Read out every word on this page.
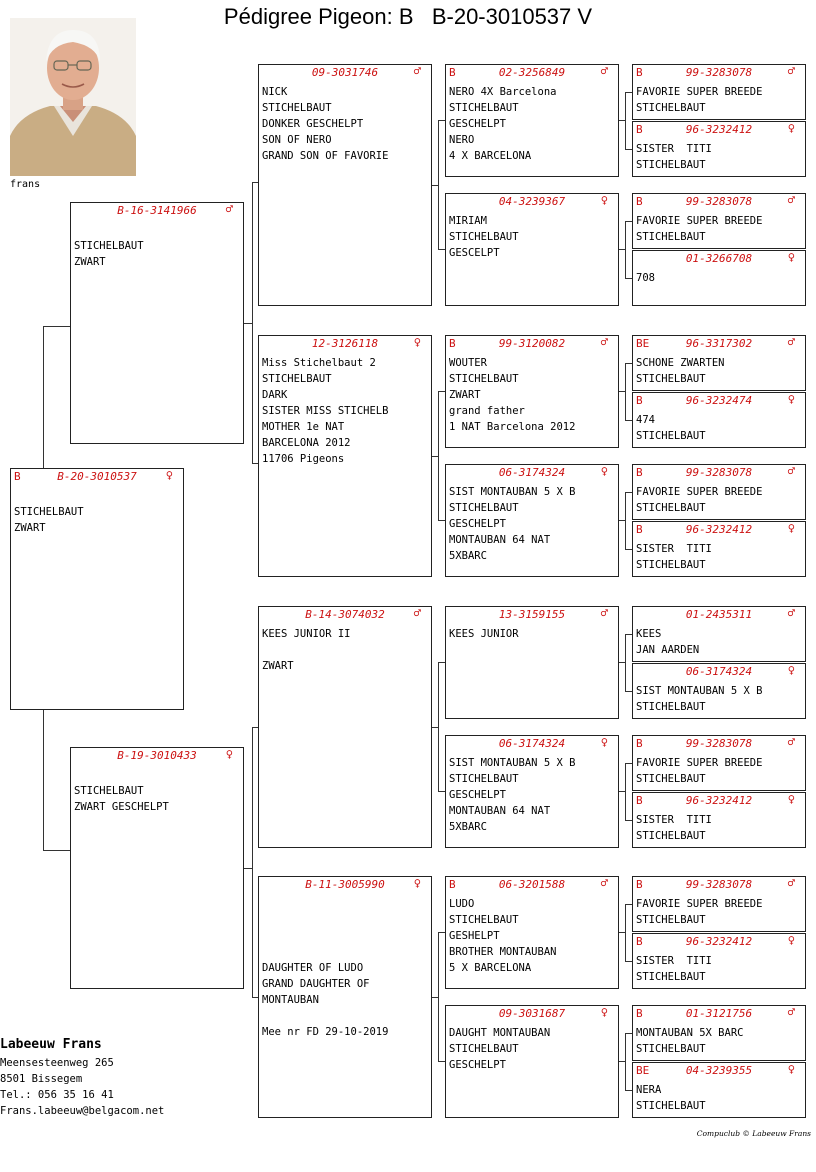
Pédigree Pigeon: B   B-20-3010537 V
frans
B-20-3010537
B	♀
STICHELBAUT
ZWART
B-16-3141966	♂
STICHELBAUT
ZWART
B-19-3010433	♀
STICHELBAUT
ZWART GESCHELPT
09-3031746	♂
NICK
STICHELBAUT
DONKER GESCHELPT
SON OF NERO
GRAND SON OF FAVORIE
12-3126118	♀
Miss Stichelbaut 2
STICHELBAUT
DARK
SISTER MISS STICHELB
MOTHER 1e NAT
BARCELONA 2012
11706 Pigeons
B-14-3074032	♂
KEES JUNIOR II
ZWART
B-11-3005990	♀
DAUGHTER OF LUDO
GRAND DAUGHTER OF
MONTAUBAN
Mee nr FD 29-10-2019
02-3256849
B	♂
NERO 4X Barcelona
STICHELBAUT
GESCHELPT
NERO
4 X BARCELONA
04-3239367	♀
MIRIAM
STICHELBAUT
GESCELPT
99-3120082
B	♂
WOUTER
STICHELBAUT
ZWART
grand father
1 NAT Barcelona 2012
06-3174324	♀
SIST MONTAUBAN 5 X B
STICHELBAUT
GESCHELPT
MONTAUBAN 64 NAT
5XBARC
13-3159155	♂
KEES JUNIOR
06-3174324	♀
SIST MONTAUBAN 5 X B
STICHELBAUT
GESCHELPT
MONTAUBAN 64 NAT
5XBARC
06-3201588
B	♂
LUDO
STICHELBAUT
GESHELPT
BROTHER MONTAUBAN
5 X BARCELONA
09-3031687	♀
DAUGHT MONTAUBAN
STICHELBAUT
GESCHELPT
99-3283078
B	♂
FAVORIE SUPER BREEDE
STICHELBAUT
96-3232412
B	♀
SISTER  TITI
STICHELBAUT
99-3283078
B	♂
FAVORIE SUPER BREEDE
STICHELBAUT
01-3266708	♀
708
96-3317302
BE	♂
SCHONE ZWARTEN
STICHELBAUT
96-3232474
B	♀
474
STICHELBAUT
99-3283078
B	♂
FAVORIE SUPER BREEDE
STICHELBAUT
96-3232412
B	♀
SISTER  TITI
STICHELBAUT
01-2435311	♂
KEES
JAN AARDEN
06-3174324	♀
SIST MONTAUBAN 5 X B
STICHELBAUT
99-3283078
B	♂
FAVORIE SUPER BREEDE
STICHELBAUT
96-3232412
B	♀
SISTER  TITI
STICHELBAUT
99-3283078
B	♂
FAVORIE SUPER BREEDE
STICHELBAUT
96-3232412
B	♀
SISTER  TITI
STICHELBAUT
01-3121756
B	♂
MONTAUBAN 5X BARC
STICHELBAUT
04-3239355
BE	♀
NERA
STICHELBAUT
Labeeuw Frans
Meensesteenweg 265
8501 Bissegem
Tel.: 056 35 16 41
Frans.labeeuw@belgacom.net
Compuclub © Labeeuw Frans
